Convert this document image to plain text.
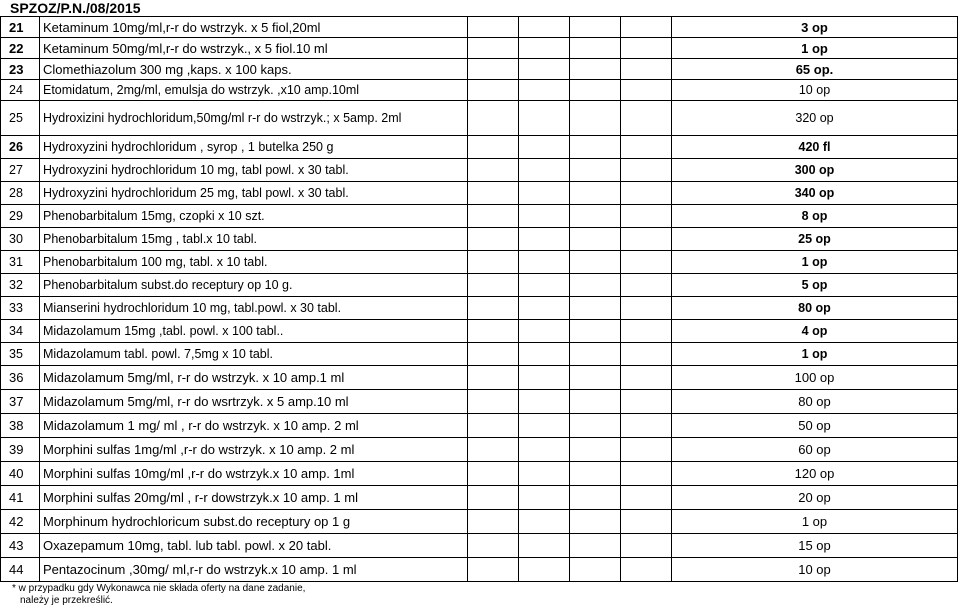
SPZOZ/P.N./08/2015
21	Ketaminum 10mg/ml,r-r do wstrzyk. x 5 fiol,20ml					3 op
22	Ketaminum 50mg/ml,r-r do wstrzyk., x 5 fiol.10 ml					1 op
23	Clomethiazolum 300 mg ,kaps. x 100 kaps.					65 op.
24	Etomidatum, 2mg/ml, emulsja do wstrzyk. ,x10 amp.10ml					10 op
25	Hydroxizini hydrochloridum,50mg/ml r-r do wstrzyk.; x 5amp. 2ml					320 op
26	Hydroxyzini hydrochloridum , syrop , 1 butelka 250 g					420 fl
27	Hydroxyzini hydrochloridum 10 mg, tabl powl. x 30 tabl.					300 op
28	Hydroxyzini hydrochloridum 25 mg, tabl powl. x 30 tabl.					340 op
29	Phenobarbitalum 15mg, czopki x 10 szt.					8 op
30	Phenobarbitalum 15mg , tabl.x 10 tabl.					25 op
31	Phenobarbitalum 100 mg, tabl. x 10 tabl.					1 op
32	Phenobarbitalum subst.do receptury op 10 g.					5 op
33	Mianserini hydrochloridum 10 mg, tabl.powl. x 30 tabl.					80 op
34	Midazolamum 15mg ,tabl. powl. x 100 tabl..					4 op
35	Midazolamum tabl. powl. 7,5mg x 10 tabl.					1 op
36	Midazolamum 5mg/ml, r-r do wstrzyk. x 10 amp.1 ml					100 op
37	Midazolamum 5mg/ml, r-r do wsrtrzyk. x 5 amp.10 ml					80 op
38	Midazolamum 1 mg/ ml , r-r do wstrzyk. x 10 amp. 2 ml					50 op
39	Morphini sulfas 1mg/ml ,r-r do wstrzyk. x 10 amp. 2 ml					60 op
40	Morphini sulfas 10mg/ml ,r-r do wstrzyk.x 10 amp. 1ml					120 op
41	Morphini sulfas 20mg/ml , r-r dowstrzyk.x 10 amp. 1 ml					20 op
42	Morphinum hydrochloricum subst.do receptury op 1 g					1 op
43	Oxazepamum 10mg, tabl. lub tabl. powl. x 20 tabl.					15 op
44	Pentazocinum ,30mg/ ml,r-r do wstrzyk.x 10 amp. 1 ml					10 op
* w przypadku gdy Wykonawca nie składa oferty na dane zadanie,
należy je przekreślić.
